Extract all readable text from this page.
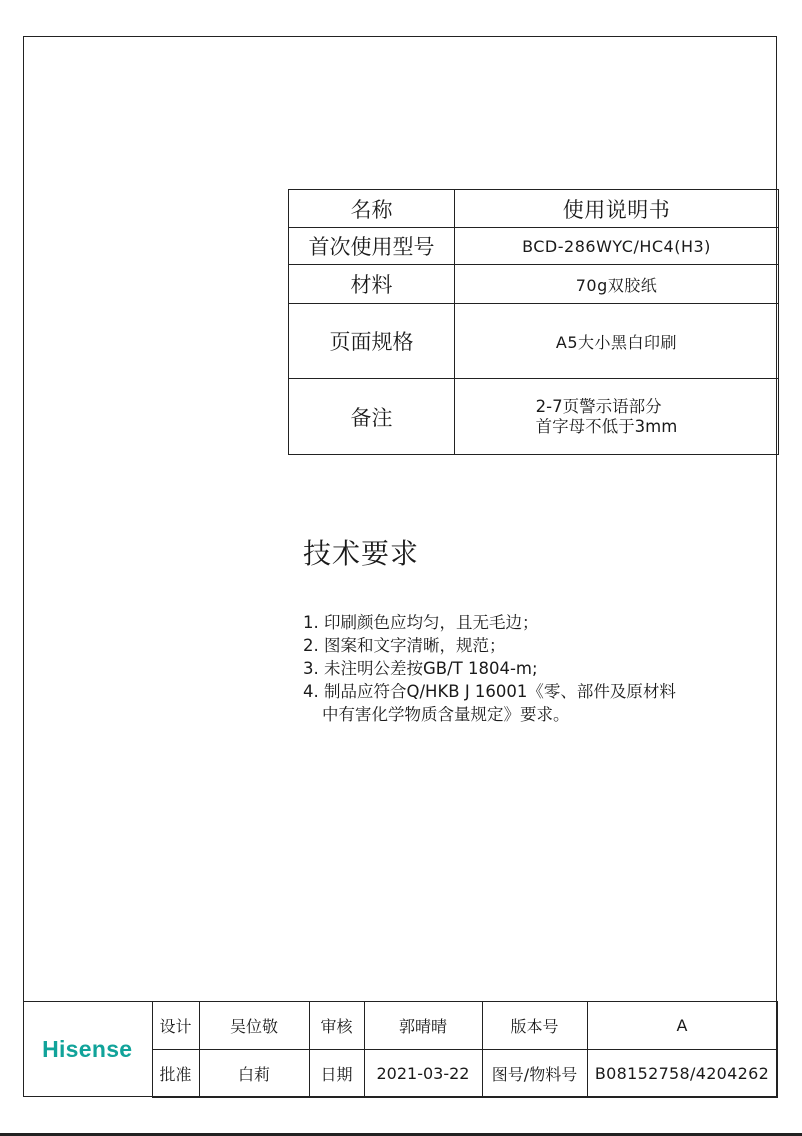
名称	使用说明书
首次使用型号	BCD-286WYC/HC4(H3)
材料	70g双胶纸
页面规格	A5大小黑白印刷
备注	2-7页警示语部分
首字母不低于3mm
技术要求
1. 印刷颜色应均匀，且无毛边；
2. 图案和文字清晰，规范；
3. 未注明公差按GB/T 1804-m;
4. 制品应符合Q/HKB J 16001《零、部件及原材料
中有害化学物质含量规定》要求。
Hisense	设计	吴位敬	审核	郭晴晴	版本号	A
	批准	白莉	日期	2021-03-22	图号/物料号	B08152758/4204262
